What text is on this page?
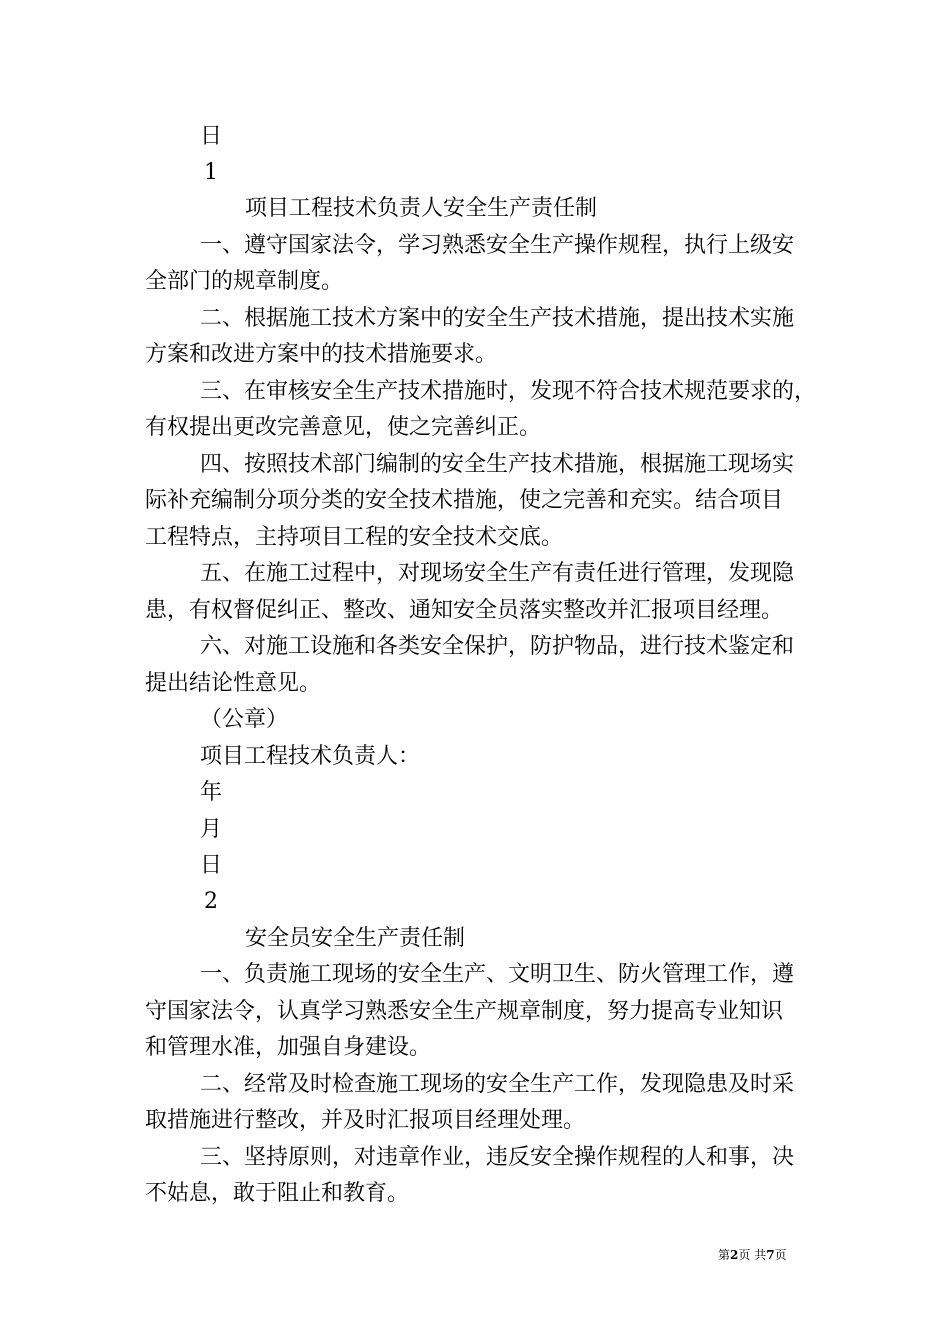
日

1

项目工程技术负责人安全生产责任制

一、遵守国家法令，学习熟悉安全生产操作规程，执行上级安

全部门的规章制度。

二、根据施工技术方案中的安全生产技术措施，提出技术实施

方案和改进方案中的技术措施要求。

三、在审核安全生产技术措施时，发现不符合技术规范要求的，

有权提出更改完善意见，使之完善纠正。

四、按照技术部门编制的安全生产技术措施，根据施工现场实

际补充编制分项分类的安全技术措施，使之完善和充实。结合项目

工程特点，主持项目工程的安全技术交底。

五、在施工过程中，对现场安全生产有责任进行管理，发现隐

患，有权督促纠正、整改、通知安全员落实整改并汇报项目经理。

六、对施工设施和各类安全保护，防护物品，进行技术鉴定和

提出结论性意见。

（公章）

项目工程技术负责人：

年

月

日

2

安全员安全生产责任制

一、负责施工现场的安全生产、文明卫生、防火管理工作，遵

守国家法令，认真学习熟悉安全生产规章制度，努力提高专业知识

和管理水准，加强自身建设。

二、经常及时检查施工现场的安全生产工作，发现隐患及时采

取措施进行整改，并及时汇报项目经理处理。

三、坚持原则，对违章作业，违反安全操作规程的人和事，决

不姑息，敢于阻止和教育。

第2页 共7页
